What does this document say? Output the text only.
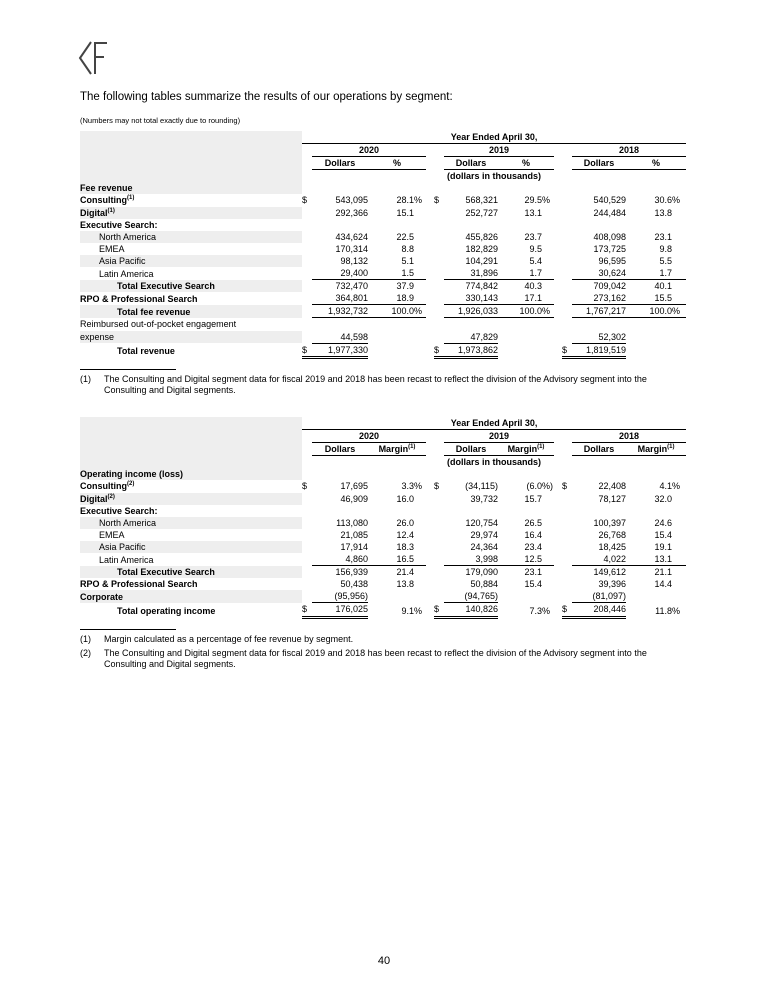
The following tables summarize the results of our operations by segment:
(Numbers may not total exactly due to rounding)
	Year Ended April 30,													
		2020					2019					2018		
		Dollars	%				Dollars	%				Dollars	%	
	(dollars in thousands)													
Fee revenue														
Consulting$^{(1)}$	$	543,095	28.1	%		$	568,321	29.5	%			540,529	30.6	%
Digital$^{(1)}$		292,366	15.1				252,727	13.1				244,484	13.8	
Executive Search:														
North America		434,624	22.5				455,826	23.7				408,098	23.1	
EMEA		170,314	8.8				182,829	9.5				173,725	9.8	
Asia Pacific		98,132	5.1				104,291	5.4				96,595	5.5	
Latin America		29,400	1.5				31,896	1.7				30,624	1.7	
Total Executive Search		732,470	37.9				774,842	40.3				709,042	40.1	
RPO & Professional Search		364,801	18.9				330,143	17.1				273,162	15.5	
Total fee revenue		1,932,732	100.0	%			1,926,033	100.0	%			1,767,217	100.0	%
Reimbursed out-of-pocket engagement														
expense		44,598					47,829					52,302		
Total revenue	$	1,977,330				$	1,973,862				$	1,819,519		
(1) The Consulting and Digital segment data for fiscal 2019 and 2018 has been recast to reflect the division of the Advisory segment into the Consulting and Digital segments.
	Year Ended April 30,													
		2020					2019					2018		
		Dollars	Margin$^{(1)}$				Dollars	Margin$^{(1)}$				Dollars	Margin$^{(1)}$
	(dollars in thousands)													
Operating income (loss)														
Consulting$^{(2)}$	$	17,695	3.3	%		$	(34,115)	(6.0	%)		$	22,408	4.1	%
Digital$^{(2)}$		46,909	16.0				39,732	15.7				78,127	32.0	
Executive Search:														
North America		113,080	26.0				120,754	26.5				100,397	24.6	
EMEA		21,085	12.4				29,974	16.4				26,768	15.4	
Asia Pacific		17,914	18.3				24,364	23.4				18,425	19.1	
Latin America		4,860	16.5				3,998	12.5				4,022	13.1	
Total Executive Search		156,939	21.4				179,090	23.1				149,612	21.1	
RPO & Professional Search		50,438	13.8				50,884	15.4				39,396	14.4	
Corporate		(95,956)					(94,765)					(81,097)		
Total operating income	$	176,025	9.1	%		$	140,826	7.3	%		$	208,446	11.8	%
(1) Margin calculated as a percentage of fee revenue by segment.
(2) The Consulting and Digital segment data for fiscal 2019 and 2018 has been recast to reflect the division of the Advisory segment into the Consulting and Digital segments.
40
